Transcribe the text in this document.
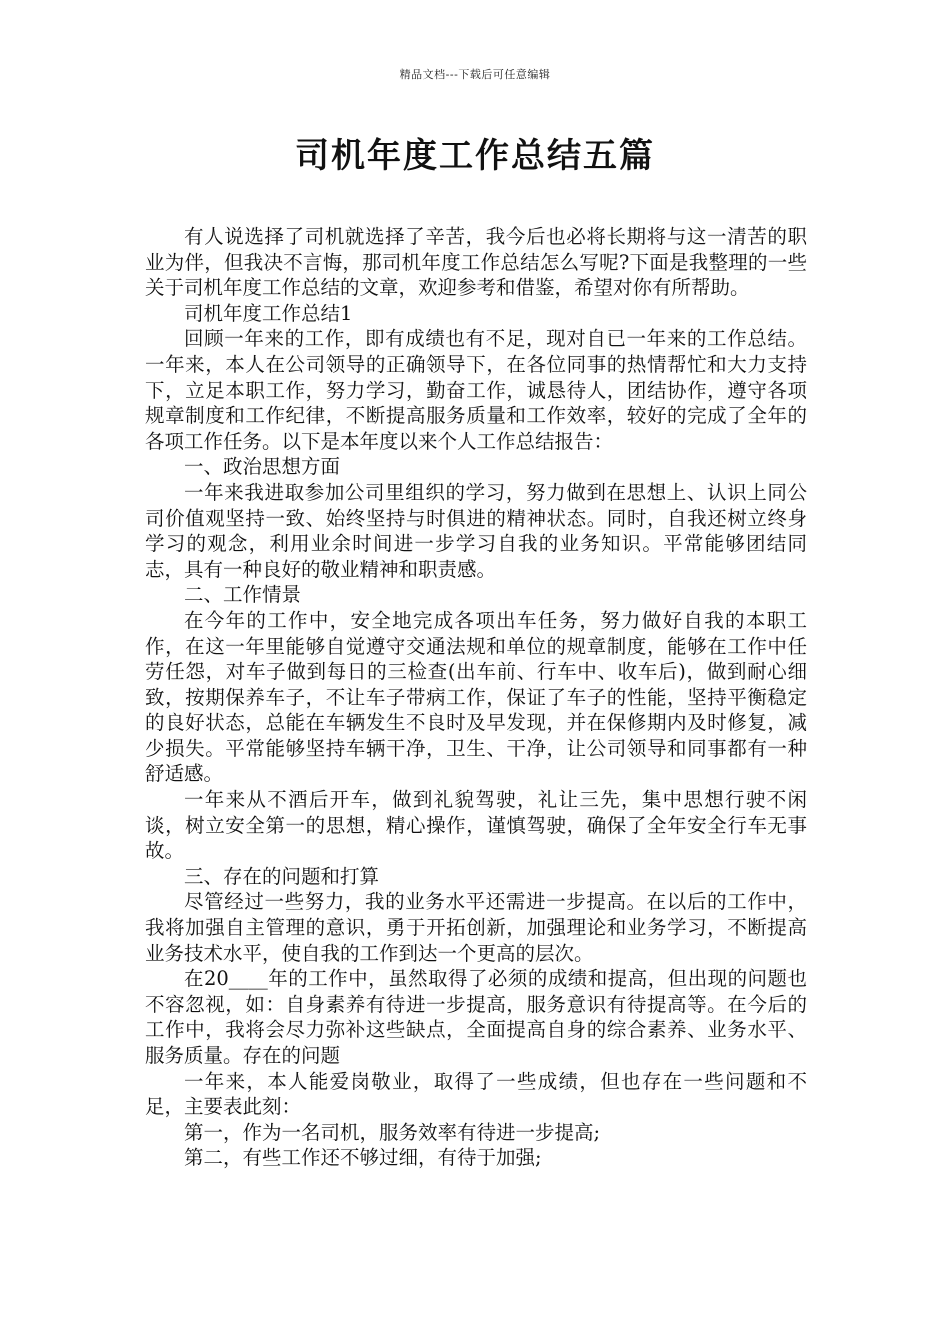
精品文档---下载后可任意编辑
司机年度工作总结五篇

有人说选择了司机就选择了辛苦，我今后也必将长期将与这一清苦的职业为伴，但我决不言悔，那司机年度工作总结怎么写呢?下面是我整理的一些关于司机年度工作总结的文章，欢迎参考和借鉴，希望对你有所帮助。

司机年度工作总结1

回顾一年来的工作，即有成绩也有不足，现对自已一年来的工作总结。一年来，本人在公司领导的正确领导下，在各位同事的热情帮忙和大力支持下，立足本职工作，努力学习，勤奋工作，诚恳待人，团结协作，遵守各项规章制度和工作纪律，不断提高服务质量和工作效率，较好的完成了全年的各项工作任务。以下是本年度以来个人工作总结报告：

一、政治思想方面

一年来我进取参加公司里组织的学习，努力做到在思想上、认识上同公司价值观坚持一致、始终坚持与时俱进的精神状态。同时，自我还树立终身学习的观念，利用业余时间进一步学习自我的业务知识。平常能够团结同志，具有一种良好的敬业精神和职责感。

二、工作情景

在今年的工作中，安全地完成各项出车任务，努力做好自我的本职工作，在这一年里能够自觉遵守交通法规和单位的规章制度，能够在工作中任劳任怨，对车子做到每日的三检查(出车前、行车中、收车后)，做到耐心细致，按期保养车子，不让车子带病工作，保证了车子的性能，坚持平衡稳定的良好状态，总能在车辆发生不良时及早发现，并在保修期内及时修复，减少损失。平常能够坚持车辆干净，卫生、干净，让公司领导和同事都有一种舒适感。

一年来从不酒后开车，做到礼貌驾驶，礼让三先，集中思想行驶不闲谈，树立安全第一的思想，精心操作，谨慎驾驶，确保了全年安全行车无事故。

三、存在的问题和打算

尽管经过一些努力，我的业务水平还需进一步提高。在以后的工作中，我将加强自主管理的意识，勇于开拓创新，加强理论和业务学习，不断提高业务技术水平，使自我的工作到达一个更高的层次。

在20____年的工作中，虽然取得了必须的成绩和提高，但出现的问题也不容忽视，如：自身素养有待进一步提高，服务意识有待提高等。在今后的工作中，我将会尽力弥补这些缺点，全面提高自身的综合素养、业务水平、服务质量。存在的问题

一年来，本人能爱岗敬业，取得了一些成绩，但也存在一些问题和不足，主要表此刻：

第一，作为一名司机，服务效率有待进一步提高;

第二，有些工作还不够过细，有待于加强;
